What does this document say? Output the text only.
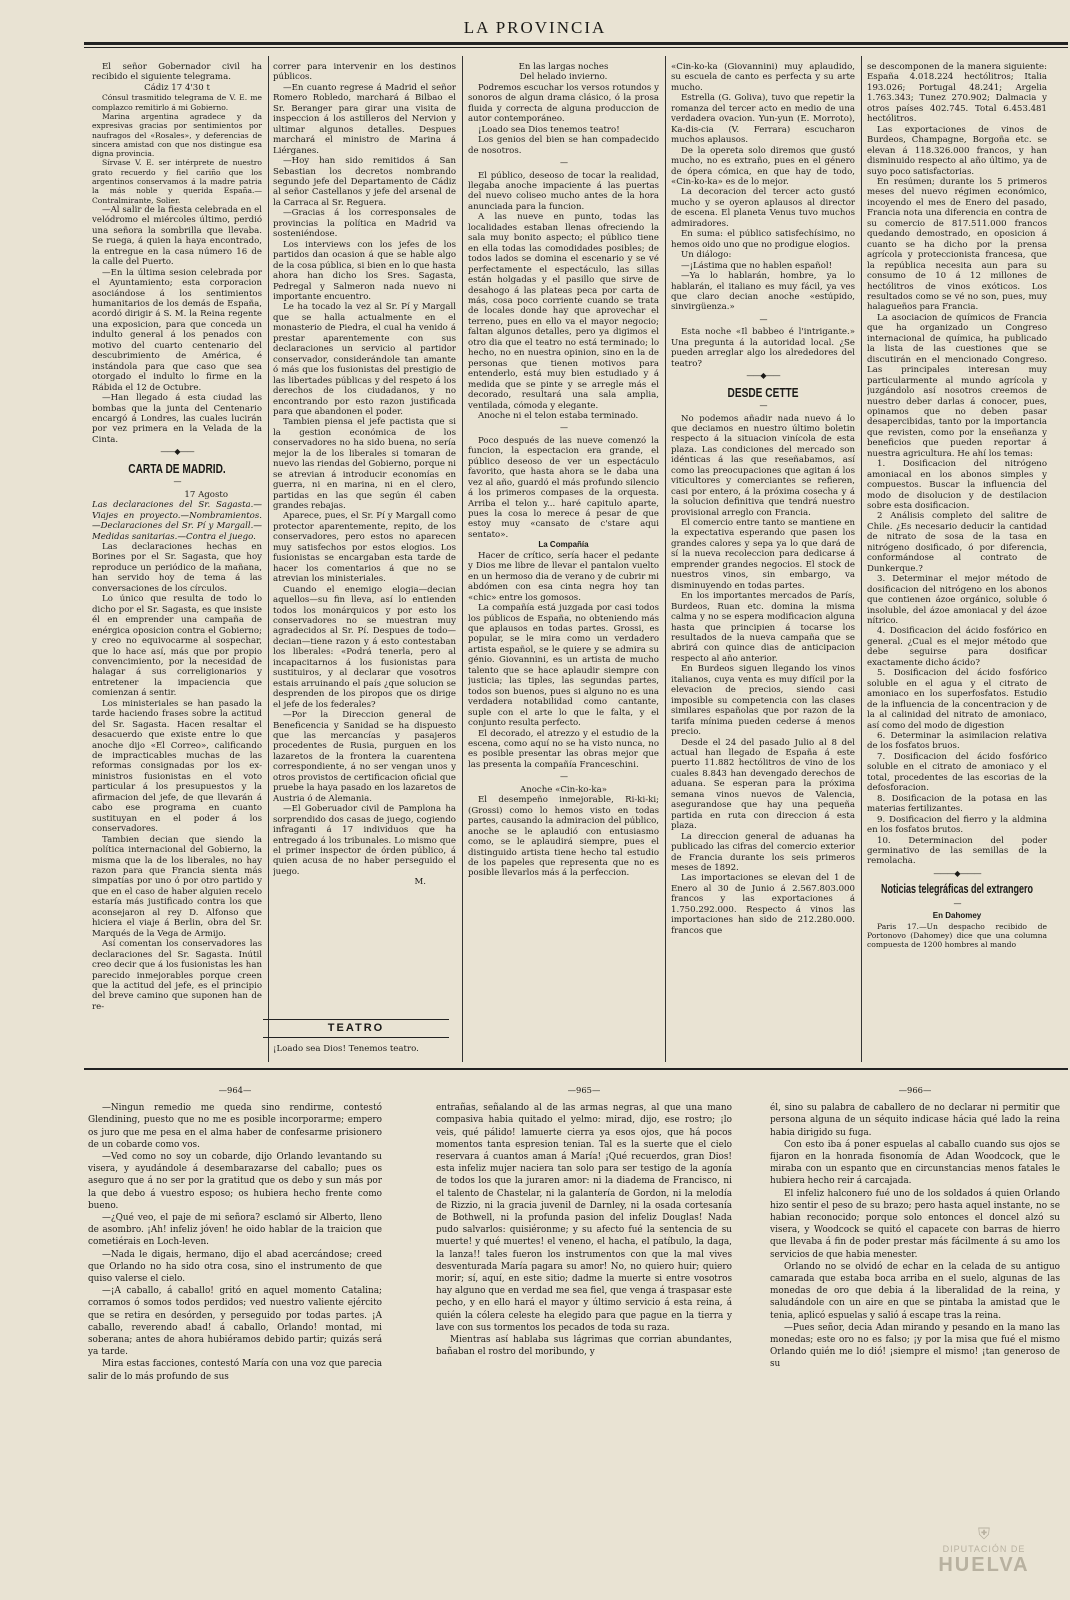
LA PROVINCIA

El señor Gobernador civil ha recibido el siguiente telegrama.

Cádiz 17 4'30 t

Cónsul trasmitido telegrama de V. E. me complazco remitirlo á mi Gobierno.

Marina argentina agradece y da expresivas gracias por sentimientos por naufragos del «Rosales», y deferencias de sincera amistad con que nos distingue esa digna provincia.

Sírvase V. E. ser intérprete de nuestro grato recuerdo y fiel cariño que los argentinos conservamos á la madre patria la más noble y querida España.—Contralmirante, Solier.

—Al salir de la fiesta celebrada en el velódromo el miércoles último, perdió una señora la sombrilla que llevaba. Se ruega, á quien la haya encontrado, la entregue en la casa número 16 de la calle del Puerto.

—En la última sesion celebrada por el Ayuntamiento; esta corporacion asociándose á los sentimientos humanitarios de los demás de España, acordó dirigir á S. M. la Reina regente una exposicion, para que conceda un indulto general á los penados con motivo del cuarto centenario del descubrimiento de América, é instándola para que caso que sea otorgado el indulto lo firme en la Rábida el 12 de Octubre.

—Han llegado á esta ciudad las bombas que la junta del Centenario encargó á Londres, las cuales lucirán por vez primera en la Velada de la Cinta.

——◆——
CARTA DE MADRID.
—

17 Agosto

Las declaraciones del Sr. Sagasta.—Viajes en proyecto.—Nombramientos.—Declaraciones del Sr. Pí y Margall.—Medidas sanitarias.—Contra el juego.

Las declaraciones hechas en Borines por el Sr. Sagasta, que hoy reproduce un periódico de la mañana, han servido hoy de tema á las conversaciones de los círculos.

Lo único que resulta de todo lo dicho por el Sr. Sagasta, es que insiste él en emprender una campaña de enérgica oposicion contra el Gobierno; y creo no equivocarme al sospechar, que lo hace así, más que por propio convencimiento, por la necesidad de halagar á sus correligionarios y entretener la impaciencia que comienzan á sentir.

Los ministeriales se han pasado la tarde haciendo frases sobre la actitud del Sr. Sagasta. Hacen resaltar el desacuerdo que existe entre lo que anoche dijo «El Correo», calificando de impracticables muchas de las reformas consignadas por los ex-ministros fusionistas en el voto particular á los presupuestos y la afirmacion del jefe, de que llevarán á cabo ese programa en cuanto sustituyan en el poder á los conservadores.

Tambien decian que siendo la política internacional del Gobierno, la misma que la de los liberales, no hay razon para que Francia sienta más simpatías por uno ó por otro partido y que en el caso de haber alguien recelo estaría más justificado contra los que aconsejaron al rey D. Alfonso que hiciera el viaje á Berlin, obra del Sr. Marqués de la Vega de Armijo.

Así comentan los conservadores las declaraciones del Sr. Sagasta. Inútil creo decir que á los fusionistas les han parecido inmejorables porque creen que la actitud del jefe, es el principio del breve camino que suponen han de re-

correr para intervenir en los destinos públicos.

—En cuanto regrese á Madrid el señor Romero Robledo, marchará á Bilbao el Sr. Beranger para girar una visita de inspeccion á los astilleros del Nervion y ultimar algunos detalles. Despues marchará el ministro de Marina á Liérganes.

—Hoy han sido remitidos á San Sebastian los decretos nombrando segundo jefe del Departamento de Cádiz al señor Castellanos y jefe del arsenal de la Carraca al Sr. Reguera.

—Gracias á los corresponsales de provincias la política en Madrid va sosteniéndose.

Los interviews con los jefes de los partidos dan ocasion á que se hable algo de la cosa pública, si bien en lo que hasta ahora han dicho los Sres. Sagasta, Pedregal y Salmeron nada nuevo ni importante encuentro.

Le ha tocado la vez al Sr. Pí y Margall que se halla actualmente en el monasterio de Piedra, el cual ha venido á prestar aparentemente con sus declaraciones un servicio al partidor conservador, considerándole tan amante ó más que los fusionistas del prestigio de las libertades públicas y del respeto á los derechos de los ciudadanos, y no encontrando por esto razon justificada para que abandonen el poder.

Tambien piensa el jefe pactista que si la gestion económica de los conservadores no ha sido buena, no sería mejor la de los liberales si tomaran de nuevo las riendas del Gobierno, porque ni se atrevian á introducir economías en guerra, ni en marina, ni en el clero, partidas en las que según él caben grandes rebajas.

Aparece, pues, el Sr. Pí y Margall como protector aparentemente, repito, de los conservadores, pero estos no aparecen muy satisfechos por estos elogios. Los fusionistas se encargaban esta tarde de hacer los comentarios á que no se atrevian los ministeriales.

Cuando el enemigo elogia—decian aquellos—su fin lleva, así lo entienden todos los monárquicos y por esto los conservadores no se muestran muy agradecidos al Sr. Pí. Despues de todo—decian—tiene razon y á esto contestaban los liberales: «Podrá tenerla, pero al incapacitarnos á los fusionistas para sustituiros, y al declarar que vosotros estais arruinando el país ¿que solucion se desprenden de los piropos que os dirige el jefe de los federales?

—Por la Direccion general de Beneficencia y Sanidad se ha dispuesto que las mercancías y pasajeros procedentes de Rusia, purguen en los lazaretos de la frontera la cuarentena correspondiente, á no ser vengan unos y otros provistos de certificacion oficial que pruebe la haya pasado en los lazaretos de Austria ó de Alemania.

—El Goberuador civil de Pamplona ha sorprendido dos casas de juego, cogiendo infraganti á 17 individuos que ha entregado á los tribunales. Lo mismo que el primer inspector de órden público, á quien acusa de no haber perseguido el juego.

M.

TEATRO

¡Loado sea Dios! Tenemos teatro.

En las largas noches

Del helado invierno.

Podremos escuchar los versos rotundos y sonoros de algun drama clásico, ó la prosa fluida y correcta de alguna produccion de autor contemporáneo.

¡Loado sea Dios tenemos teatro!

Los genios del bien se han compadecido de nosotros.

—

El público, deseoso de tocar la realidad, llegaba anoche impaciente á las puertas del nuevo coliseo mucho antes de la hora anunciada para la funcion.

A las nueve en punto, todas las localidades estaban llenas ofreciendo la sala muy bonito aspecto; el público tiene en ella todas las comodidades posibles; de todos lados se domina el escenario y se vé perfectamente el espectáculo, las sillas están holgadas y el pasillo que sirve de desahogo á las plateas peca por carta de más, cosa poco corriente cuando se trata de locales donde hay que aprovechar el terreno, pues en ello va el mayor negocio; faltan algunos detalles, pero ya digimos el otro dia que el teatro no está terminado; lo hecho, no en nuestra opinion, sino en la de personas que tienen motivos para entenderlo, está muy bien estudiado y á medida que se pinte y se arregle más el decorado, resultará una sala amplia, ventilada, cómoda y elegante.

Anoche ni el telon estaba terminado.

—

Poco después de las nueve comenzó la funcion, la espectacion era grande, el público deseoso de ver un espectáculo favorito, que hasta ahora se le daba una vez al año, guardó el más profundo silencio á los primeros compases de la orquesta. Arriba el telon y... haré capitulo aparte, pues la cosa lo merece á pesar de que estoy muy «cansato de c'stare aqui sentato».

La Compañía

Hacer de crítico, sería hacer el pedante y Dios me libre de llevar el pantalon vuelto en un hermoso dia de verano y de cubrir mi abdómen con esa cinta negra hoy tan «chic» entre los gomosos.

La compañía está juzgada por casi todos los públicos de España, no obteniendo más que aplausos en todas partes. Grossi, es popular, se le mira como un verdadero artista español, se le quiere y se admira su génio. Giovannini, es un artista de mucho talento que se hace aplaudir siempre con justicia; las tiples, las segundas partes, todos son buenos, pues si alguno no es una verdadera notabilidad como cantante, suple con el arte lo que le falta, y el conjunto resulta perfecto.

El decorado, el atrezzo y el estudio de la escena, como aquí no se ha visto nunca, no es posible presentar las obras mejor que las presenta la compañía Franceschini.

—

Anoche «Cin-ko-ka»

El desempeño inmejorable, Ri-ki-ki; (Grossi) como lo hemos visto en todas partes, causando la admiracion del público, anoche se le aplaudió con entusiasmo como, se le aplaudirá siempre, pues el distinguido artista tiene hecho tal estudio de los papeles que representa que no es posible llevarlos más á la perfeccion.

«Cin-ko-ka (Giovannini) muy aplaudido, su escuela de canto es perfecta y su arte mucho.

Estrella (G. Goliva), tuvo que repetir la romanza del tercer acto en medio de una verdadera ovacion. Yun-yun (E. Morroto), Ka-dis-cia (V. Ferrara) escucharon muchos aplausos.

De la opereta solo diremos que gustó mucho, no es extraño, pues en el género de ópera cómica, en que hay de todo, «Cin-ko-ka» es de lo mejor.

La decoracion del tercer acto gustó mucho y se oyeron aplausos al director de escena. El planeta Venus tuvo muchos admiradores.

En suma: el público satisfechísimo, no hemos oido uno que no prodigue elogios.

Un diálogo:

—¡Lástima que no hablen español!

—Ya lo hablarán, hombre, ya lo hablarán, el italiano es muy fácil, ya ves que claro decian anoche «estúpido, sinvirgüenza.»

—

Esta noche «Il babbeo é l'intrigante.» Una pregunta á la autoridad local. ¿Se pueden arreglar algo los alrededores del teatro?

——◆——
DESDE CETTE
—

No podemos añadir nada nuevo á lo que deciamos en nuestro último boletin respecto á la situacion vinícola de esta plaza. Las condiciones del mercado son idénticas á las que reseñabamos, así como las preocupaciones que agitan á los viticultores y comerciantes se refieren, casi por entero, á la próxima cosecha y á la solucion definitiva que tendrá nuestro provisional arreglo con Francia.

El comercio entre tanto se mantiene en la expectativa esperando que pasen los grandes calores y sepa ya lo que dará de sí la nueva recoleccion para dedicarse á emprender grandes negocios. El stock de nuestros vinos, sin embargo, va disminuyendo en todas partes.

En los importantes mercados de París, Burdeos, Ruan etc. domina la misma calma y no se espera modificacion alguna hasta que principien á tocarse los resultados de la nueva campaña que se abrirá con quince dias de anticipacion respecto al año anterior.

En Burdeos siguen llegando los vinos italianos, cuya venta es muy difícil por la elevacion de precios, siendo casi imposible su competencia con las clases similares españolas que por razon de la tarifa mínima pueden cederse á menos precio.

Desde el 24 del pasado Julio al 8 del actual han llegado de España á este puerto 11.882 hectólitros de vino de los cuales 8.843 han devengado derechos de aduana. Se esperan para la próxima semana vinos nuevos de Valencia, asegurandose que hay una pequeña partida en ruta con direccion á esta plaza.

La direccion general de aduanas ha publicado las cifras del comercio exterior de Francia durante los seis primeros meses de 1892.

Las importaciones se elevan del 1 de Enero al 30 de Junio á 2.567.803.000 francos y las exportaciones á 1.750.292.000. Respecto á vinos las importaciones han sido de 212.280.000. francos que

se descomponen de la manera siguiente: España 4.018.224 hectólitros; Italia 193.026; Portugal 48.241; Argelia 1.763.343; Tunez 270.902; Dalmacia y otros países 402.745. Total 6.453.481 hectólitros.

Las exportaciones de vinos de Burdeos, Champagne, Borgoña etc. se elevan á 118.326.000 francos, y han disminuido respecto al año último, ya de suyo poco satisfactorias.

En resúmen; durante los 5 primeros meses del nuevo régimen económico, incoyendo el mes de Enero del pasado, Francia nota una diferencia en contra de su comercio de 817.511.000 francos quedando demostrado, en oposicion á cuanto se ha dicho por la prensa agrícola y proteccionista francesa, que la república necesita aun para su consumo de 10 á 12 millones de hectólitros de vinos exóticos. Los resultados como se vé no son, pues, muy halagueños para Francia.

La asociacion de químicos de Francia que ha organizado un Congreso internacional de química, ha publicado la lista de las cuestiones que se discutirán en el mencionado Congreso. Las principales interesan muy particularmente al mundo agrícola y juzgándolo así nosotros creemos de nuestro deber darlas á conocer, pues, opinamos que no deben pasar desapercibidas, tanto por la importancia que revisten, como por la enseñanza y beneficios que pueden reportar á nuestra agricultura. He ahí los temas:

1. Dosificacion del nitrógeno amoniacal en los abonos simples y compuestos. Buscar la influencia del modo de disolucion y de destilacion sobre esta dosificacion.

2 Análisis completo del salitre de Chile. ¿Es necesario deducir la cantidad de nitrato de sosa de la tasa en nitrógeno dosificado, ó por diferencia, conformándose al contrato de Dunkerque.?

3. Determinar el mejor método de dosificacion del nitrógeno en los abonos que contienen ázoe orgánico, soluble ó insoluble, del ázoe amoniacal y del ázoe nítrico.

4. Dosificacion del ácido fosfórico en general. ¿Cual es el mejor método que debe seguirse para dosificar exactamente dicho ácido?

5. Dosificacion del ácido fosfórico soluble en el agua y el citrato de amoniaco en los superfosfatos. Estudio de la influencia de la concentracion y de la al calinidad del nitrato de amoniaco, así como del modo de digestion

6. Determinar la asimilacion relativa de los fosfatos bruos.

7. Dosificacion del ácido fosfórico soluble en el citrato de amoniaco y el total, procedentes de las escorias de la defosforacion.

8. Dosificacion de la potasa en las materias fertilizantes.

9. Dosificacion del fierro y la aldmina en los fosfatos brutos.

10. Determinacion del poder germinativo de las semillas de la remolacha.

———◆———
Noticias telegráficas del extrangero
—

En Dahomey

Paris 17.—Un despacho recibido de Portonovo (Dahomey) dice que una columna compuesta de 1200 hombres al mando

—964—

—Ningun remedio me queda sino rendirme, contestó Glendining, puesto que no me es posible incorporarme; empero os juro que me pesa en el alma haber de confesarme prisionero de un cobarde como vos.

—Ved como no soy un cobarde, dijo Orlando levantando su visera, y ayudándole á desembarazarse del caballo; pues os aseguro que á no ser por la gratitud que os debo y sun más por la que debo á vuestro esposo; os hubiera hecho frente como bueno.

—¿Qué veo, el paje de mi señora? esclamó sir Alberto, lleno de asombro. ¡Ah! infeliz jóven! he oido hablar de la traicion que cometiérais en Loch-leven.

—Nada le digais, hermano, dijo el abad acercándose; creed que Orlando no ha sido otra cosa, sino el instrumento de que quiso valerse el cielo.

—¡A caballo, á caballo! gritó en aquel momento Catalina; corramos ó somos todos perdidos; ved nuestro valiente ejército que se retira en desórden, y perseguido por todas partes. ¡A caballo, reverendo abad! á caballo, Orlando! montad, mi soberana; antes de ahora hubiéramos debido partir; quizás será ya tarde.

Mira estas facciones, contestó María con una voz que parecia salir de lo más profundo de sus

—965—

entrañas, señalando al de las armas negras, al que una mano compasiva habia quitado el yelmo: mirad, dijo, ese rostro; ¡lo veis, qué pálido! lamuerte cierra ya esos ojos, que há pocos momentos tanta espresion tenian. Tal es la suerte que el cielo reservara á cuantos aman á María! ¡Qué recuerdos, gran Dios! esta infeliz mujer naciera tan solo para ser testigo de la agonía de todos los que la juraren amor: ni la diadema de Francisco, ni el talento de Chastelar, ni la galantería de Gordon, ni la melodía de Rizzio, ni la gracia juvenil de Darnley, ni la osada cortesanía de Bothwell, ni la profunda pasion del infeliz Douglas! Nada pudo salvarlos: quisiéronme; y su afecto fué la sentencia de su muerte! y qué muertes! el veneno, el hacha, el patíbulo, la daga, la lanza!! tales fueron los instrumentos con que la mal vives desventurada María pagara su amor! No, no quiero huir; quiero morir; sí, aquí, en este sitio; dadme la muerte si entre vosotros hay alguno que en verdad me sea fiel, que venga á traspasar este pecho, y en ello hará el mayor y último servicio á esta reina, á quién la cólera celeste ha elegido para que pague en la tierra y lave con sus tormentos los pecados de toda su raza.

Mientras así hablaba sus lágrimas que corrian abundantes, bañaban el rostro del moribundo, y

—966—

él, sino su palabra de caballero de no declarar ni permitir que persona alguna de un séquito indicase hácia qué lado la reina habia dirigido su fuga.

Con esto iba á poner espuelas al caballo cuando sus ojos se fijaron en la honrada fisonomía de Adan Woodcock, que le miraba con un espanto que en circunstancias menos fatales le hubiera hecho reir á carcajada.

El infeliz halconero fué uno de los soldados á quien Orlando hizo sentir el peso de su brazo; pero hasta aquel instante, no se habian reconocido; porque solo entonces el doncel alzó su visera, y Woodcock se quitó el capacete con barras de hierro que llevaba á fin de poder prestar más fácilmente á su amo los servicios de que habia menester.

Orlando no se olvidó de echar en la celada de su antiguo camarada que estaba boca arriba en el suelo, algunas de las monedas de oro que debia á la liberalidad de la reina, y saludándole con un aire en que se pintaba la amistad que le tenia, aplicó espuelas y salió á escape tras la reina.

—Pues señor, decia Adan mirando y pesando en la mano las monedas; este oro no es falso; ¡y por la misa que fué el mismo Orlando quién me lo dió! ¡siempre el mismo! ¡tan generoso de su

⛨
DIPUTACIÓN DE
HUELVA
